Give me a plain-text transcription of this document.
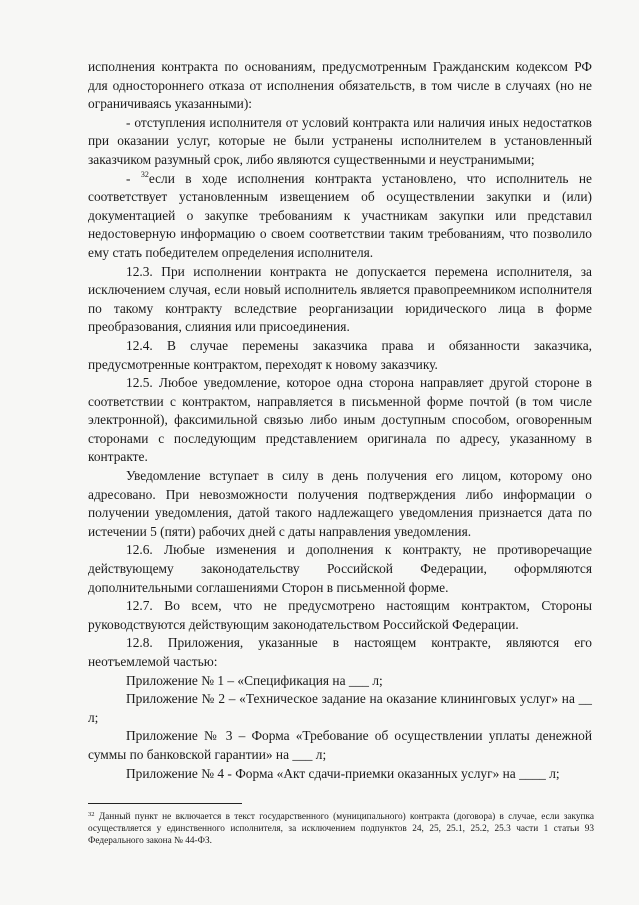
исполнения контракта по основаниям, предусмотренным Гражданским кодексом РФ для одностороннего отказа от исполнения обязательств, в том числе в случаях (но не ограничиваясь указанными):

- отступления исполнителя от условий контракта или наличия иных недостатков при оказании услуг, которые не были устранены исполнителем в установленный заказчиком разумный срок, либо являются существенными и неустранимыми;

- $^{32}$если в ходе исполнения контракта установлено, что исполнитель не соответствует установленным извещением об осуществлении закупки и (или) документацией о закупке требованиям к участникам закупки или представил недостоверную информацию о своем соответствии таким требованиям, что позволило ему стать победителем определения исполнителя.

12.3. При исполнении контракта не допускается перемена исполнителя, за исключением случая, если новый исполнитель является правопреемником исполнителя по такому контракту вследствие реорганизации юридического лица в форме преобразования, слияния или присоединения.

12.4. В случае перемены заказчика права и обязанности заказчика, предусмотренные контрактом, переходят к новому заказчику.

12.5. Любое уведомление, которое одна сторона направляет другой стороне в соответствии с контрактом, направляется в письменной форме почтой (в том числе электронной), факсимильной связью либо иным доступным способом, оговоренным сторонами с последующим представлением оригинала по адресу, указанному в контракте.

Уведомление вступает в силу в день получения его лицом, которому оно адресовано. При невозможности получения подтверждения либо информации о получении уведомления, датой такого надлежащего уведомления признается дата по истечении 5 (пяти) рабочих дней с даты направления уведомления.

12.6. Любые изменения и дополнения к контракту, не противоречащие действующему законодательству Российской Федерации, оформляются дополнительными соглашениями Сторон в письменной форме.

12.7. Во всем, что не предусмотрено настоящим контрактом, Стороны руководствуются действующим законодательством Российской Федерации.

12.8. Приложения, указанные в настоящем контракте, являются его неотъемлемой частью:

Приложение № 1 – «Спецификация на ___ л;

Приложение № 2 – «Техническое задание на оказание клининговых услуг» на __ л;

Приложение № 3 – Форма «Требование об осуществлении уплаты денежной суммы по банковской гарантии» на ___ л;

Приложение № 4 - Форма «Акт сдачи-приемки оказанных услуг» на ____ л;

$^{32}$ Данный пункт не включается в текст государственного (муниципального) контракта (договора) в случае, если закупка осуществляется у единственного исполнителя, за исключением подпунктов 24, 25, 25.1, 25.2, 25.3 части 1 статьи 93 Федерального закона № 44-ФЗ.
